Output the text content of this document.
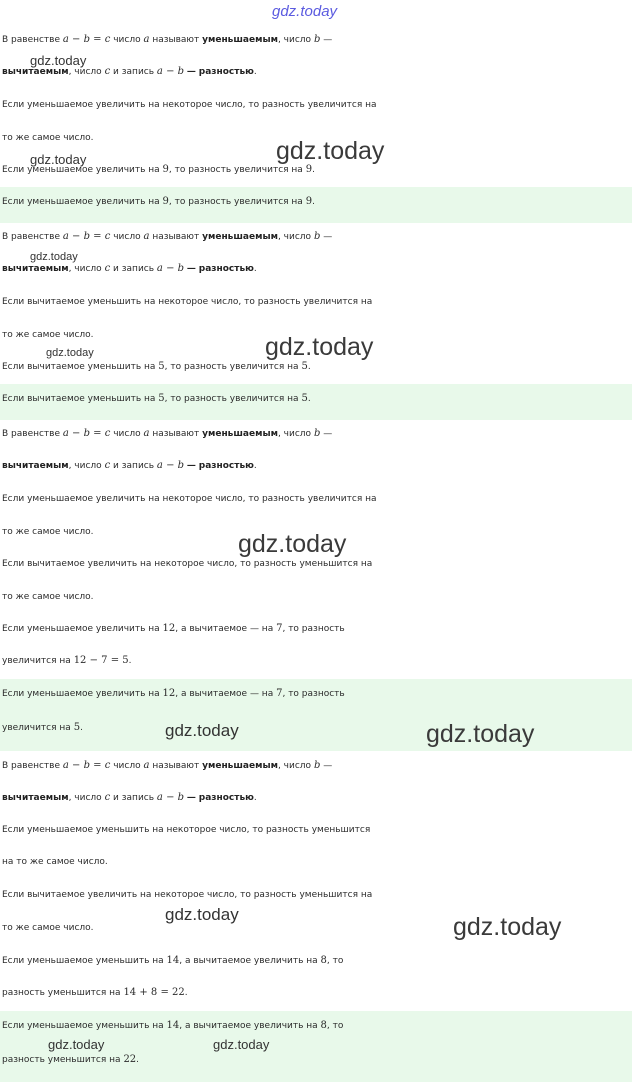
gdz.today
gdz.today
gdz.today	gdz.today
gdz.today
gdz.today	gdz.today
gdz.today
gdz.today	gdz.today
gdz.today	gdz.today
gdz.today	gdz.today
В равенстве a − b = c число a называют уменьшаемым, число b —
вычитаемым, число c и запись a − b — разностью.
Если уменьшаемое увеличить на некоторое число, то разность увеличится на
то же самое число.
Если уменьшаемое увеличить на 9, то разность увеличится на 9.
Если уменьшаемое увеличить на 9, то разность увеличится на 9.
В равенстве a − b = c число a называют уменьшаемым, число b —
вычитаемым, число c и запись a − b — разностью.
Если вычитаемое уменьшить на некоторое число, то разность увеличится на
то же самое число.
Если вычитаемое уменьшить на 5, то разность увеличится на 5.
Если вычитаемое уменьшить на 5, то разность увеличится на 5.
В равенстве a − b = c число a называют уменьшаемым, число b —
вычитаемым, число c и запись a − b — разностью.
Если уменьшаемое увеличить на некоторое число, то разность увеличится на
то же самое число.
Если вычитаемое увеличить на некоторое число, то разность уменьшится на
то же самое число.
Если уменьшаемое увеличить на 12, а вычитаемое — на 7, то разность
увеличится на 12 − 7 = 5.
Если уменьшаемое увеличить на 12, а вычитаемое — на 7, то разность
увеличится на 5.
В равенстве a − b = c число a называют уменьшаемым, число b —
вычитаемым, число c и запись a − b — разностью.
Если уменьшаемое уменьшить на некоторое число, то разность уменьшится
на то же самое число.
Если вычитаемое увеличить на некоторое число, то разность уменьшится на
то же самое число.
Если уменьшаемое уменьшить на 14, а вычитаемое увеличить на 8, то
разность уменьшится на 14 + 8 = 22.
Если уменьшаемое уменьшить на 14, а вычитаемое увеличить на 8, то
разность уменьшится на 22.
